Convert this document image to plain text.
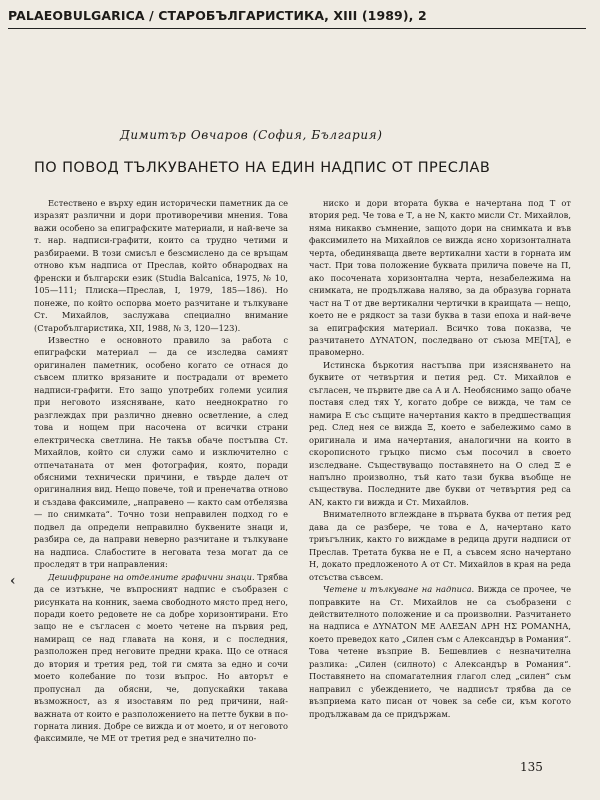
PALAEOBULGARICA / СТАРОБЪЛГАРИСТИКА, XIII (1989), 2
Димитър Овчаров (София, България)
ПО ПОВОД ТЪЛКУВАНЕТО НА ЕДИН НАДПИС ОТ ПРЕСЛАВ

Естествено е върху един исторически паметник да се изразят различни и дори противоречиви мнения. Това важи особено за епиграфските материали, и най-вече за т. нар. надписи-графити, които са трудно четими и разбираеми. В този смисъл е безсмислено да се връщам отново към надписа от Преслав, който обнародвах на френски и български език (Studia Balcanica, 1975, № 10, 105—111; Плиска—Преслав, I, 1979, 185—186). Но понеже, по който оспорва моето разчитане и тълкуване Ст. Михайлов, заслужава специално внимание (Старобългаристика, XII, 1988, № 3, 120—123).

Известно е основното правило за работа с епиграфски материал — да се изследва самият оригинален паметник, особено когато се отнася до съвсем плитко врязаните и пострадали от времето надписи-графити. Ето защо употребих големи усилия при неговото изясняване, като нееднократно го разглеждах при различно дневно осветление, а след това и нощем при насочена от всички страни електрическа светлина. Не такъв обаче постъпва Ст. Михайлов, който си служи само и изключително с отпечатаната от мен фотография, която, поради обясними технически причини, е твърде далеч от оригиналния вид. Нещо повече, той и пренечатва отново и създава факсимиле, „направено — както сам отбелязва — по снимката“. Точно този неправилен подход го е подвел да определи неправилно буквените знаци и, разбира се, да направи неверно разчитане и тълкуване на надписа. Слабостите в неговата теза могат да се проследят в три направления:

Дешифриране на отделните графични знаци. Трябва да се изтъкне, че въпросният надпис е съобразен с рисунката на конник, заема свободното място пред него, поради което редовете не са добре хоризонтирани. Ето защо не е съгласен с моето четене на първия ред, намиращ се над главата на коня, и с последния, разположен пред неговите предни крака. Що се отнася до втория и третия ред, той ги смята за едно и сочи моето колебание по този въпрос. Но авторът е пропуснал да обясни, че, допускайки такава възможност, аз я изоставям по ред причини, най-важната от които е разположението на петте букви в по-горната линия. Добре се вижда и от моето, и от неговото факсимиле, че МЕ от третия ред е значително по-

ниско и дори втората буква е начертана под Т от втория ред. Че това е Т, а не N, както мисли Ст. Михайлов, няма никакво съмнение, защото дори на снимката и във факсимилето на Михайлов се вижда ясно хоризонталната черта, обединяваща двете вертикални хасти в горната им част. При това положение буквата прилича повече на П, ако посочената хоризонтална черта, незабележима на снимката, не продължава наляво, за да образува горната част на Т от две вертикални чертички в краищата — нещо, което не е рядкост за тази буква в тази епоха и най-вече за епиграфския материал. Всичко това показва, че разчитането ΔΥΝΑΤΟΝ, последвано от съюза МЕ[ΤΑ], е правомерно.

Истинска бъркотия настъпва при изясняването на буквите от четвъртия и петия ред. Ст. Михайлов е съгласен, че първите две са А и Λ. Необяснимо защо обаче поставя след тях Υ, когато добре се вижда, че там се намира Е със същите начертания както в предшестващия ред. След нея се вижда Ξ, което е забележимо само в оригинала и има начертания, аналогични на които в скорописното гръцко писмо съм посочил в своето изследване. Съществуващо поставянето на О след Ξ е напълно произволно, тъй като тази буква въобще не съществува. Последните две букви от четвъртия ред са AN, както ги вижда и Ст. Михайлов.

Внимателното вглеждане в първата буква от петия ред дава да се разбере, че това е Δ, начертано като триъгълник, както го виждаме в редица други надписи от Преслав. Третата буква не е П, а съвсем ясно начертано Н, докато предложеното А от Ст. Михайлов в края на реда отсъства съвсем.

Четене и тълкуване на надписа. Вижда се прочее, че поправките на Ст. Михайлов не са съобразени с действителното положение и са произволни. Разчитането на надписа е ΔΥΝΑΤΟΝ ΜΕ ΑΛΕΞΑΝ ΔΡΗ ΗΣ ΡΟΜΑΝΗΑ, което преведох като „Силен съм с Александър в Романия“. Това четене възприе В. Бешевлиев с незначителна разлика: „Силен (силното) с Александър в Романия“. Поставянето на спомагателния глагол след „силен“ съм направил с убеждението, че надписът трябва да се възприема като писан от човек за себе си, към когото продължавам да се придържам.

‹
135
